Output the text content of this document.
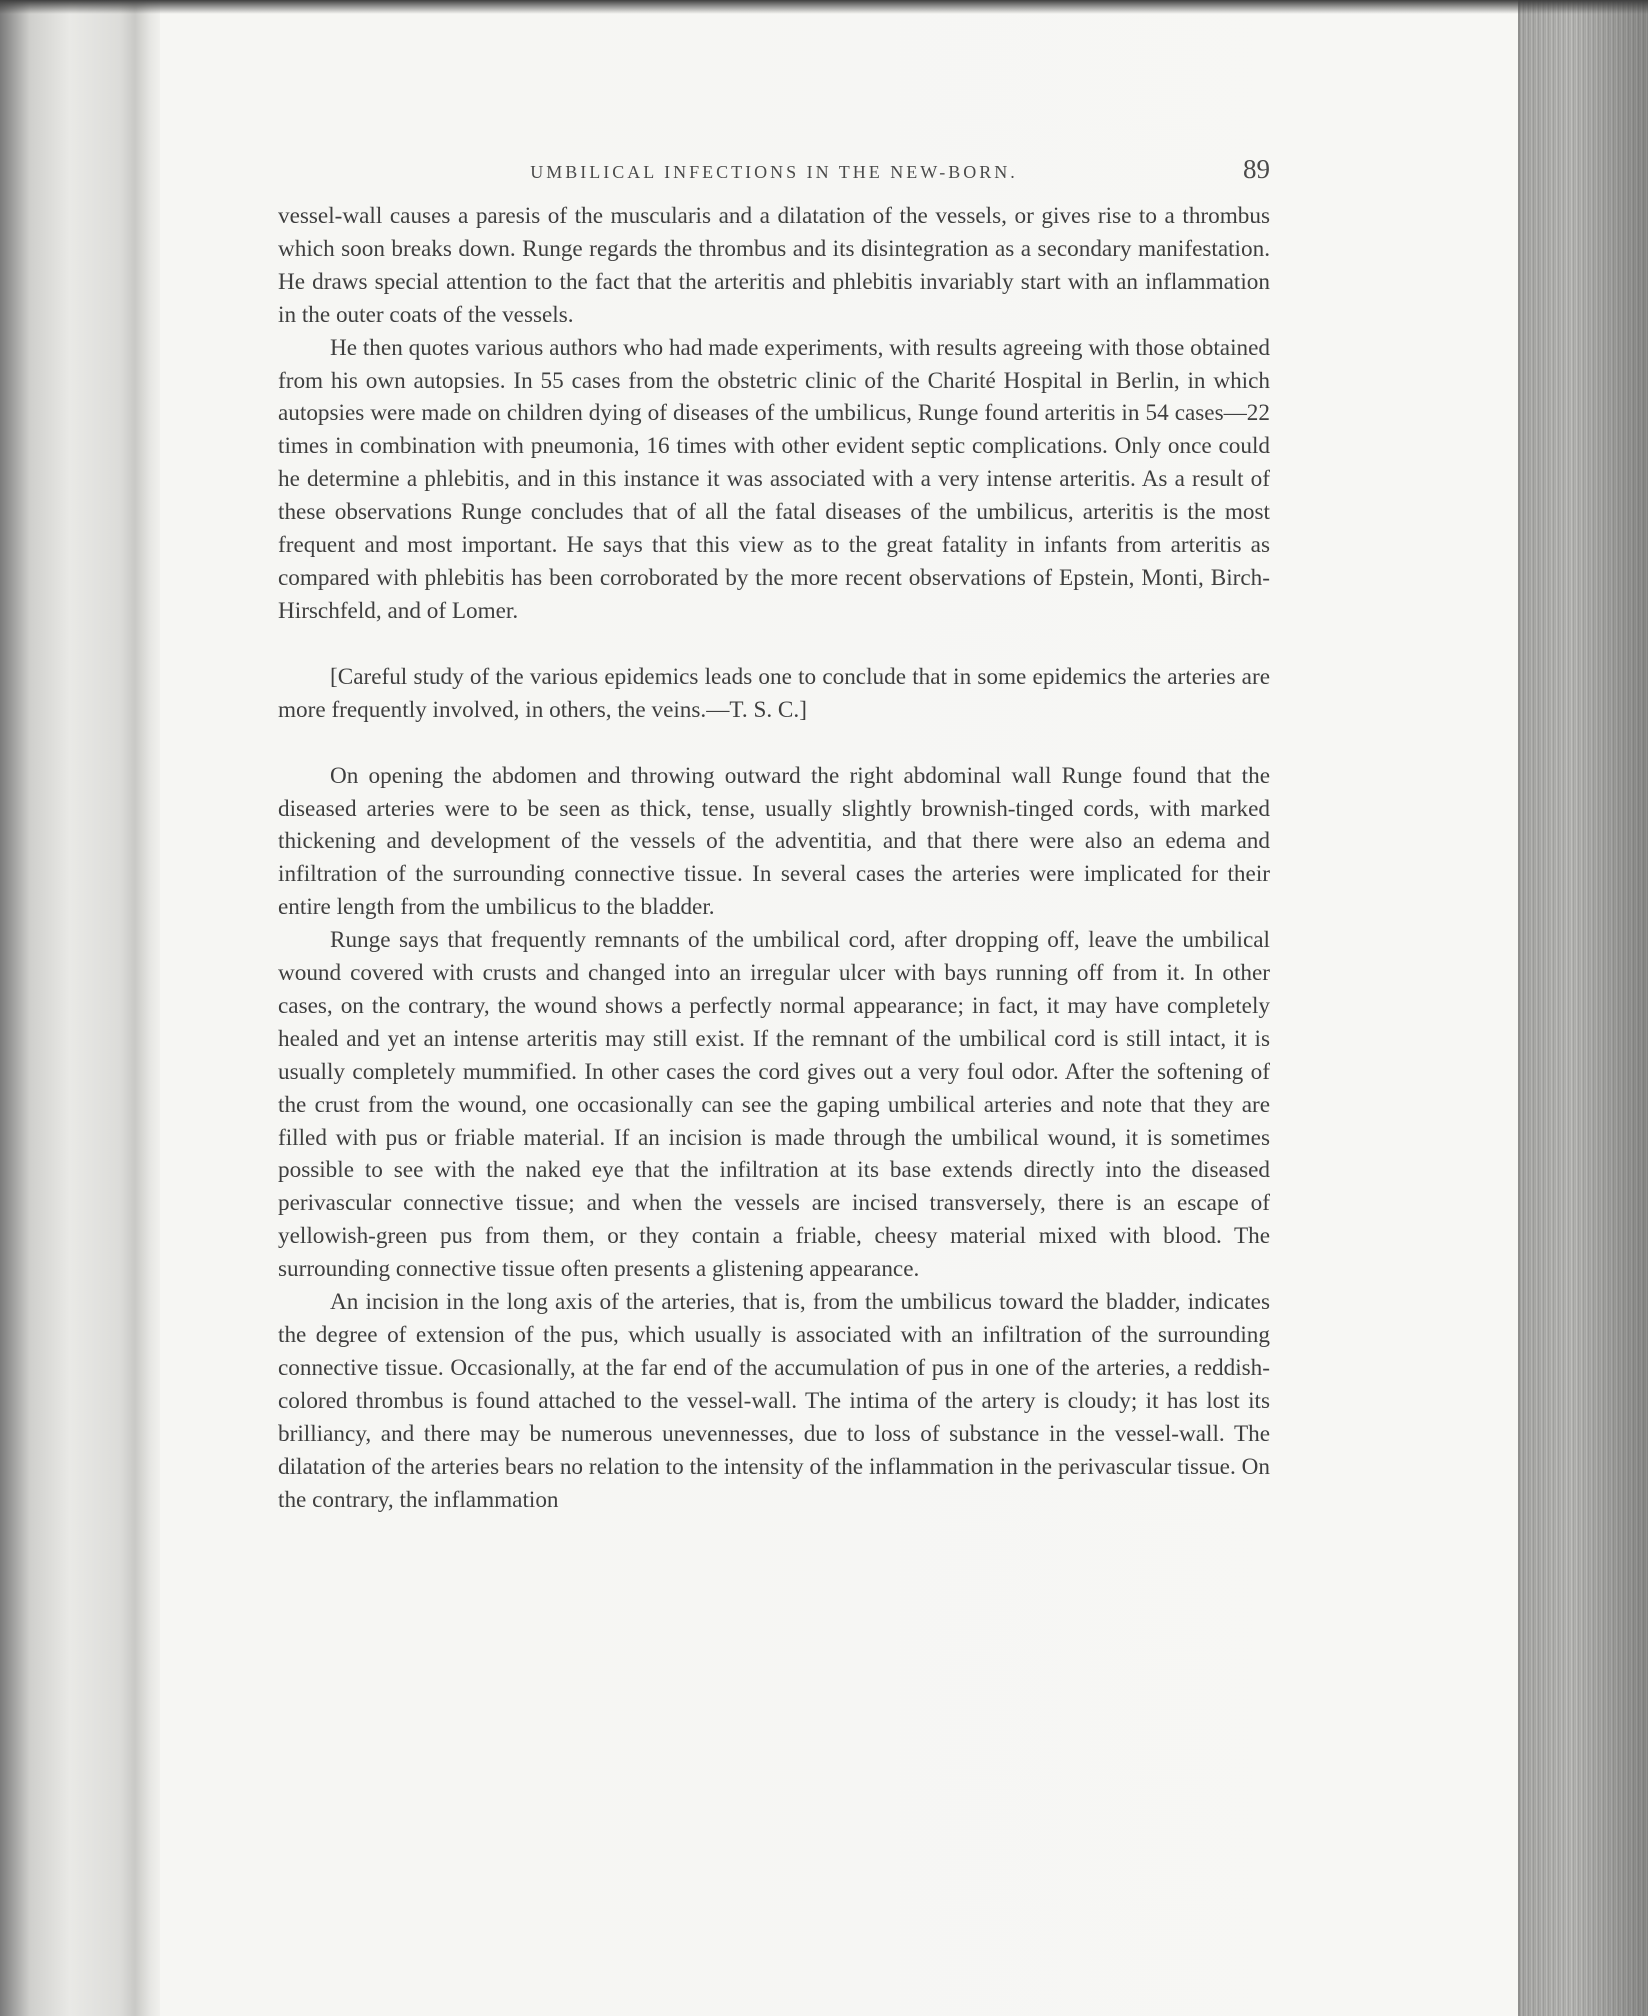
UMBILICAL INFECTIONS IN THE NEW-BORN.	89

vessel-wall causes a paresis of the muscularis and a dilatation of the vessels, or gives rise to a thrombus which soon breaks down. Runge regards the thrombus and its disintegration as a secondary manifestation. He draws special attention to the fact that the arteritis and phlebitis invariably start with an inflammation in the outer coats of the vessels.

He then quotes various authors who had made experiments, with results agreeing with those obtained from his own autopsies. In 55 cases from the obstetric clinic of the Charité Hospital in Berlin, in which autopsies were made on children dying of diseases of the umbilicus, Runge found arteritis in 54 cases—22 times in combination with pneumonia, 16 times with other evident septic complications. Only once could he determine a phlebitis, and in this instance it was associated with a very intense arteritis. As a result of these observations Runge concludes that of all the fatal diseases of the umbilicus, arteritis is the most frequent and most important. He says that this view as to the great fatality in infants from arteritis as compared with phlebitis has been corroborated by the more recent observations of Epstein, Monti, Birch-Hirschfeld, and of Lomer.

[Careful study of the various epidemics leads one to conclude that in some epidemics the arteries are more frequently involved, in others, the veins.—T. S. C.]

On opening the abdomen and throwing outward the right abdominal wall Runge found that the diseased arteries were to be seen as thick, tense, usually slightly brownish-tinged cords, with marked thickening and development of the vessels of the adventitia, and that there were also an edema and infiltration of the surrounding connective tissue. In several cases the arteries were implicated for their entire length from the umbilicus to the bladder.

Runge says that frequently remnants of the umbilical cord, after dropping off, leave the umbilical wound covered with crusts and changed into an irregular ulcer with bays running off from it. In other cases, on the contrary, the wound shows a perfectly normal appearance; in fact, it may have completely healed and yet an intense arteritis may still exist. If the remnant of the umbilical cord is still intact, it is usually completely mummified. In other cases the cord gives out a very foul odor. After the softening of the crust from the wound, one occasionally can see the gaping umbilical arteries and note that they are filled with pus or friable material. If an incision is made through the umbilical wound, it is sometimes possible to see with the naked eye that the infiltration at its base extends directly into the diseased perivascular connective tissue; and when the vessels are incised transversely, there is an escape of yellowish-green pus from them, or they contain a friable, cheesy material mixed with blood. The surrounding connective tissue often presents a glistening appearance.

An incision in the long axis of the arteries, that is, from the umbilicus toward the bladder, indicates the degree of extension of the pus, which usually is associated with an infiltration of the surrounding connective tissue. Occasionally, at the far end of the accumulation of pus in one of the arteries, a reddish-colored thrombus is found attached to the vessel-wall. The intima of the artery is cloudy; it has lost its brilliancy, and there may be numerous unevennesses, due to loss of substance in the vessel-wall. The dilatation of the arteries bears no relation to the intensity of the inflammation in the perivascular tissue. On the contrary, the inflammation
